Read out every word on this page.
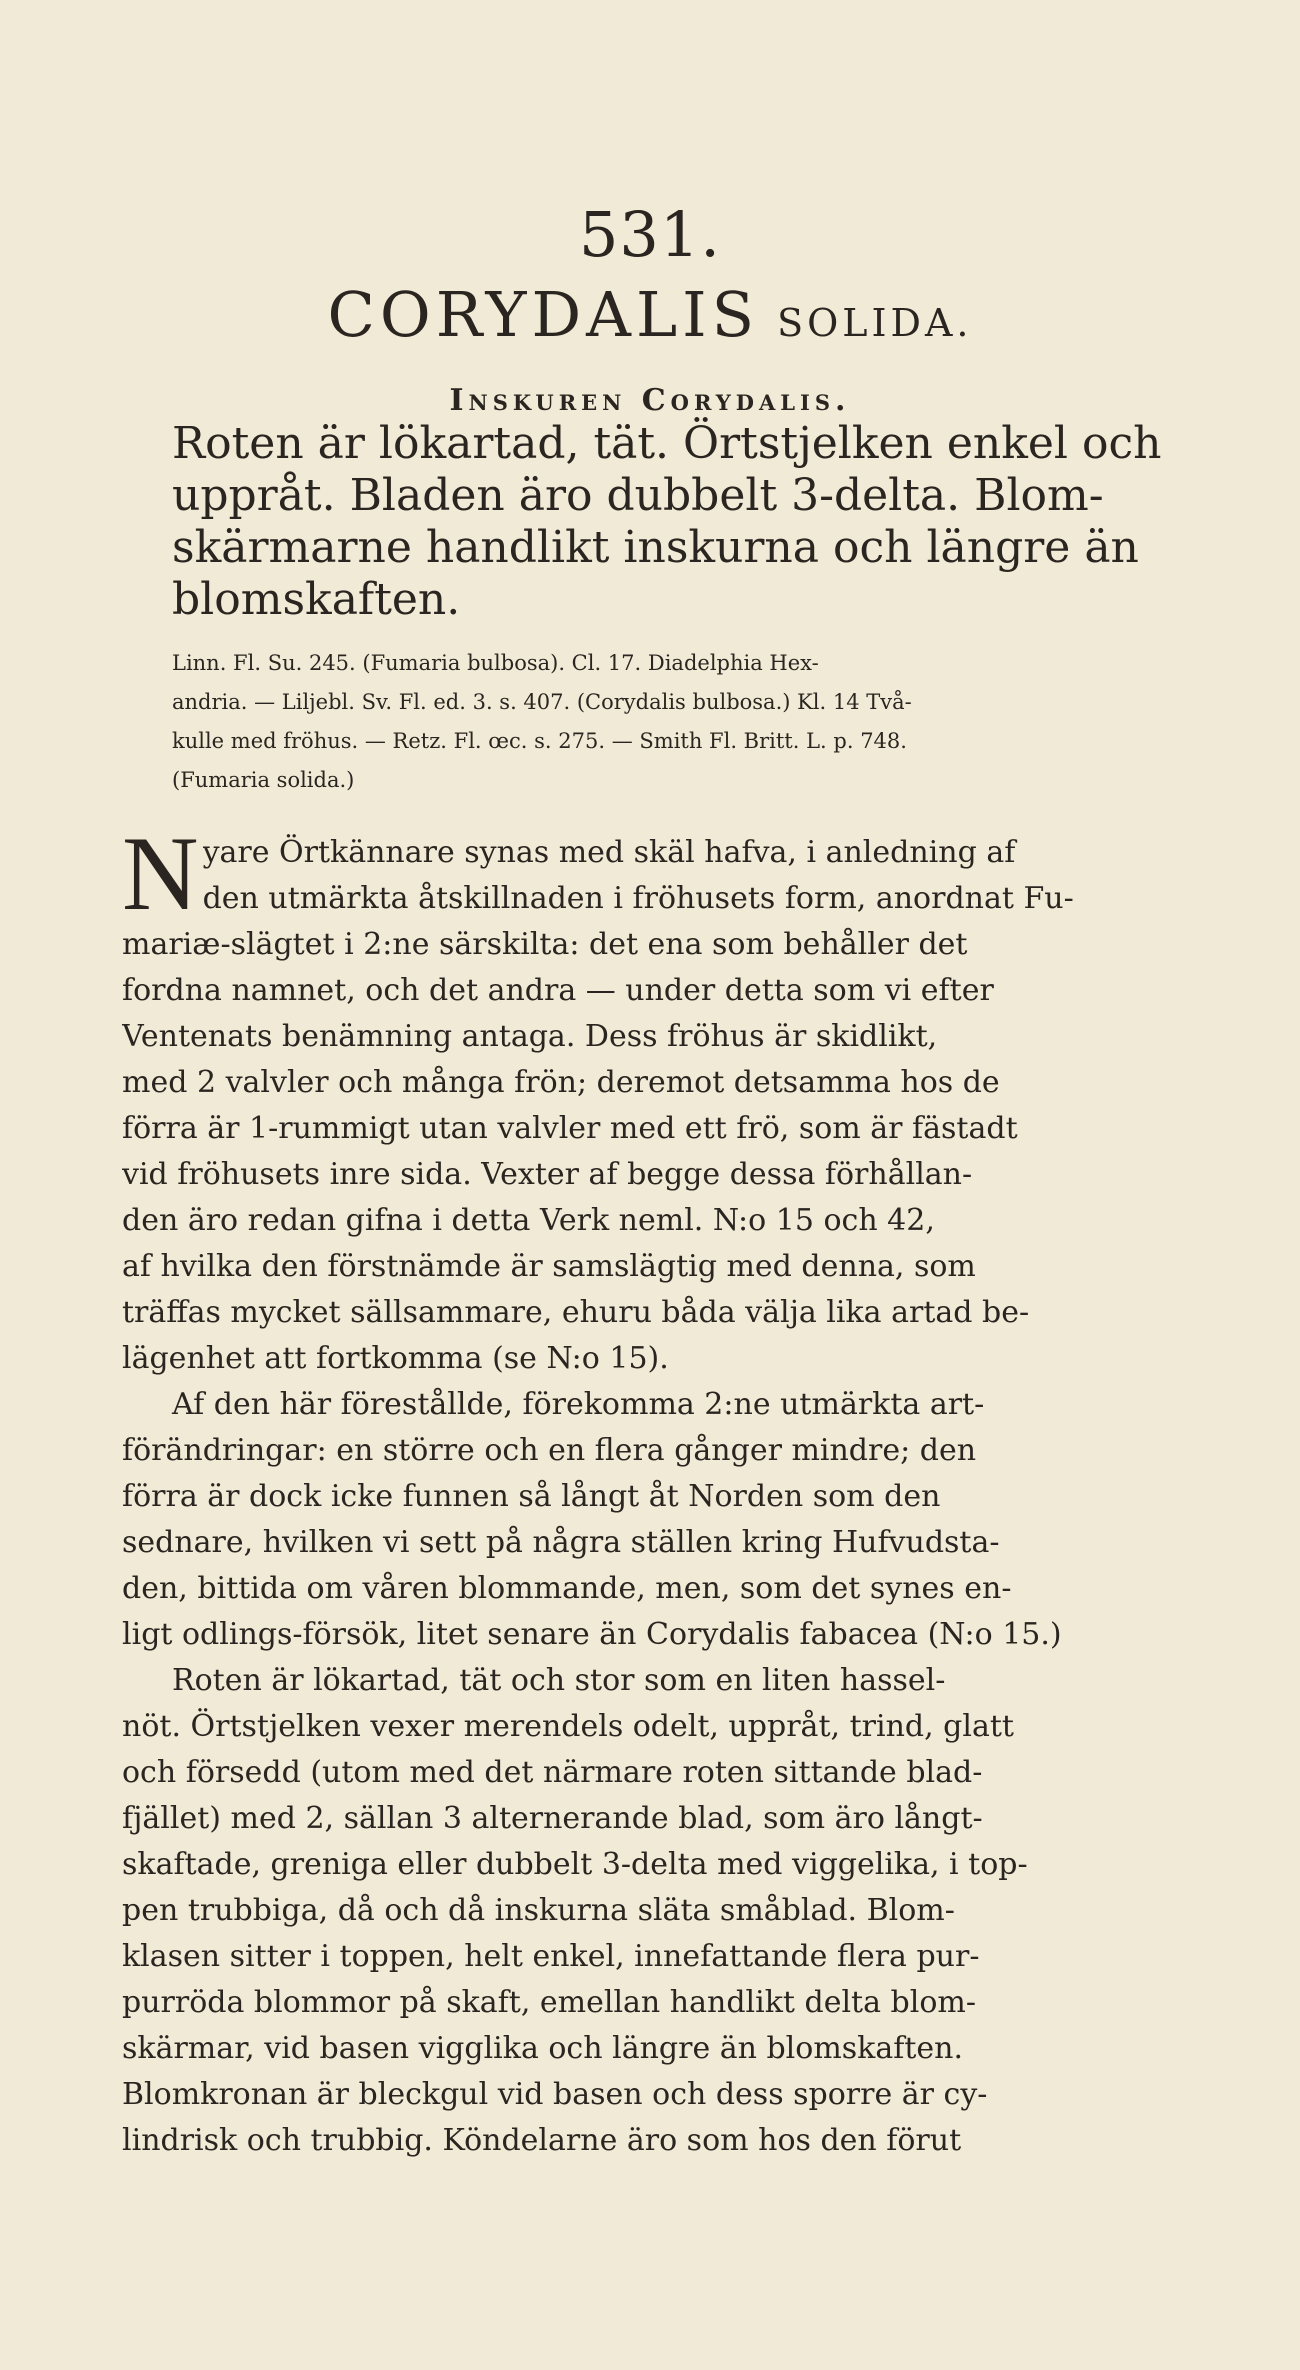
531.
CORYDALIS SOLIDA.
Inskuren Corydalis.
Roten är lökartad, tät. Örtstjelken enkel och
uppråt. Bladen äro dubbelt 3-delta. Blom-
skärmarne handlikt inskurna och längre än
blomskaften.
Linn. Fl. Su. 245. (Fumaria bulbosa). Cl. 17. Diadelphia Hex-
andria. — Liljebl. Sv. Fl. ed. 3. s. 407. (Corydalis bulbosa.) Kl. 14 Två-
kulle med fröhus. — Retz. Fl. œc. s. 275. — Smith Fl. Britt. L. p. 748.
(Fumaria solida.)
N yare Örtkännare synas med skäl hafva, i anledning af
den utmärkta åtskillnaden i fröhusets form, anordnat Fu-
mariæ-slägtet i 2:ne särskilta: det ena som behåller det
fordna namnet, och det andra — under detta som vi efter
Ventenats benämning antaga. Dess fröhus är skidlikt,
med 2 valvler och många frön; deremot detsamma hos de
förra är 1-rummigt utan valvler med ett frö, som är fästadt
vid fröhusets inre sida. Vexter af begge dessa förhållan-
den äro redan gifna i detta Verk neml. N:o 15 och 42,
af hvilka den förstnämde är samslägtig med denna, som
träffas mycket sällsammare, ehuru båda välja lika artad be-
lägenhet att fortkomma (se N:o 15).
Af den här förestållde, förekomma 2:ne utmärkta art-
förändringar: en större och en flera gånger mindre; den
förra är dock icke funnen så långt åt Norden som den
sednare, hvilken vi sett på några ställen kring Hufvudsta-
den, bittida om våren blommande, men, som det synes en-
ligt odlings-försök, litet senare än Corydalis fabacea (N:o 15.)
Roten är lökartad, tät och stor som en liten hassel-
nöt. Örtstjelken vexer merendels odelt, uppråt, trind, glatt
och försedd (utom med det närmare roten sittande blad-
fjället) med 2, sällan 3 alternerande blad, som äro långt-
skaftade, greniga eller dubbelt 3-delta med viggelika, i top-
pen trubbiga, då och då inskurna släta småblad. Blom-
klasen sitter i toppen, helt enkel, innefattande flera pur-
purröda blommor på skaft, emellan handlikt delta blom-
skärmar, vid basen vigglika och längre än blomskaften.
Blomkronan är bleckgul vid basen och dess sporre är cy-
lindrisk och trubbig. Köndelarne äro som hos den förut
